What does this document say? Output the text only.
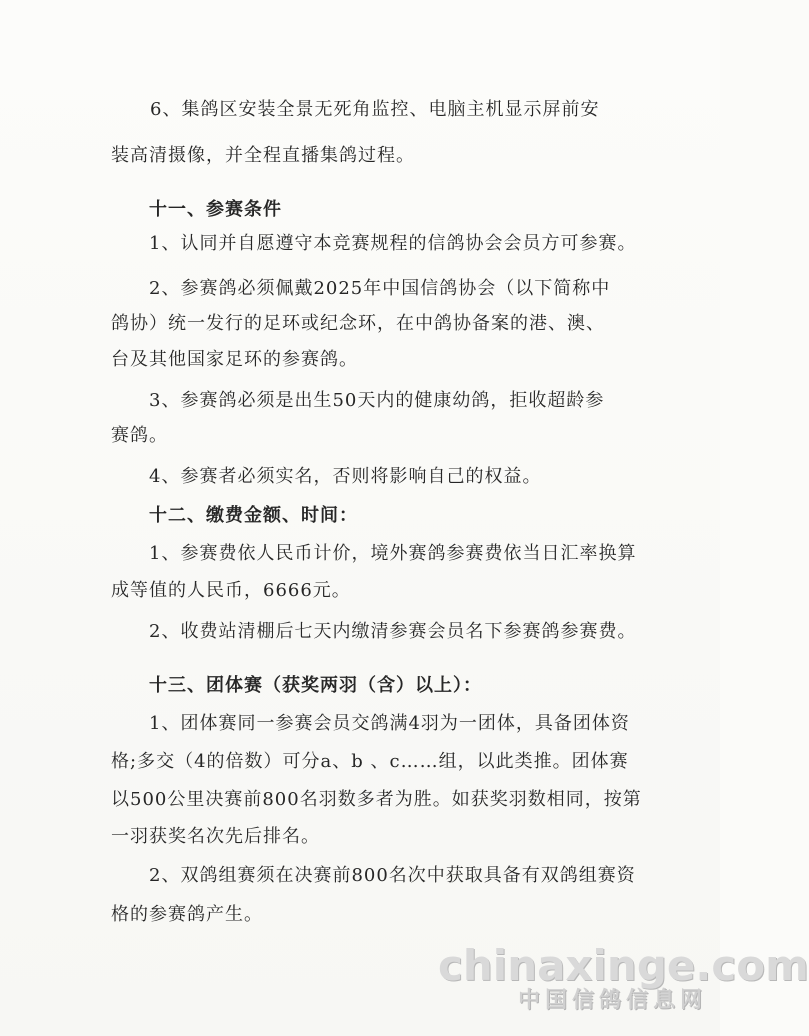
6、集鸽区安装全景无死角监控、电脑主机显示屏前安
装高清摄像，并全程直播集鸽过程。
十一、参赛条件
1、认同并自愿遵守本竞赛规程的信鸽协会会员方可参赛。
2、参赛鸽必须佩戴2025年中国信鸽协会（以下简称中
鸽协）统一发行的足环或纪念环，在中鸽协备案的港、澳、
台及其他国家足环的参赛鸽。
3、参赛鸽必须是出生50天内的健康幼鸽，拒收超龄参
赛鸽。
4、参赛者必须实名，否则将影响自己的权益。
十二、缴费金额、时间：
1、参赛费依人民币计价，境外赛鸽参赛费依当日汇率换算
成等值的人民币，6666元。
2、收费站清棚后七天内缴清参赛会员名下参赛鸽参赛费。
十三、团体赛（获奖两羽（含）以上）：
1、团体赛同一参赛会员交鸽满4羽为一团体，具备团体资
格;多交（4的倍数）可分a、b 、c……组，以此类推。团体赛
以500公里决赛前800名羽数多者为胜。如获奖羽数相同，按第
一羽获奖名次先后排名。
2、双鸽组赛须在决赛前800名次中获取具备有双鸽组赛资
格的参赛鸽产生。
chinaxinge.com
中国信鸽信息网
